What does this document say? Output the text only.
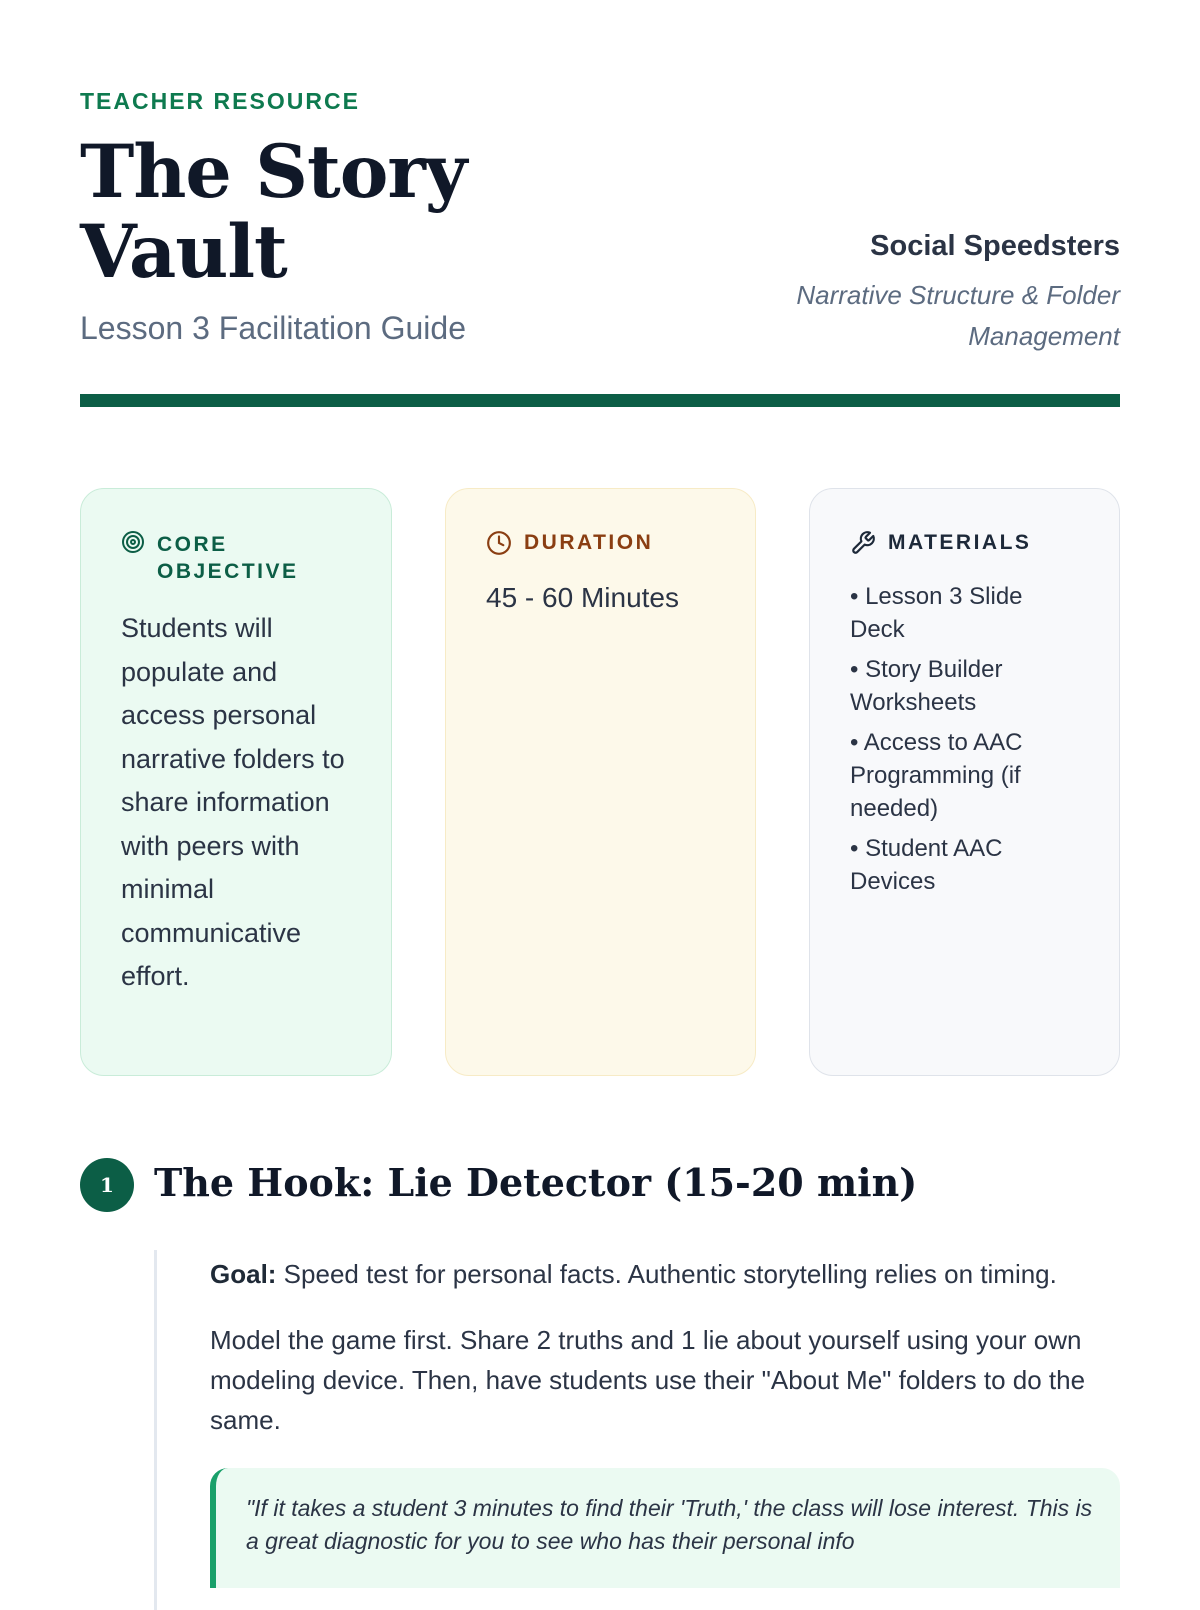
TEACHER RESOURCE
The Story Vault
Lesson 3 Facilitation Guide
Social Speedsters
Narrative Structure & Folder Management
CORE OBJECTIVE
Students will populate and access personal narrative folders to share information with peers with minimal communicative effort.
DURATION
45 - 60 Minutes
MATERIALS
• Lesson 3 Slide Deck
• Story Builder Worksheets
• Access to AAC Programming (if needed)
• Student AAC Devices
1	The Hook: Lie Detector (15-20 min)

Goal: Speed test for personal facts. Authentic storytelling relies on timing.

Model the game first. Share 2 truths and 1 lie about yourself using your own modeling device. Then, have students use their "About Me" folders to do the same.

"If it takes a student 3 minutes to find their 'Truth,' the class will lose interest. This is a great diagnostic for you to see who has their personal info
